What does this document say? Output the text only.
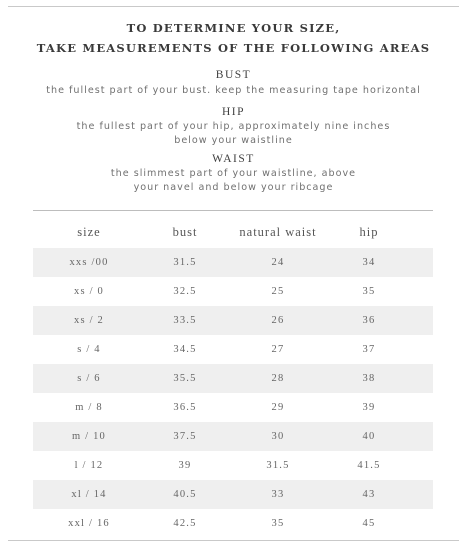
TO DETERMINE YOUR SIZE,
TAKE MEASUREMENTS OF THE FOLLOWING AREAS
BUST
the fullest part of your bust. keep the measuring tape horizontal
HIP
the fullest part of your hip, approximately nine inches
below your waistline
WAIST
the slimmest part of your waistline, above
your navel and below your ribcage
size	bust	natural waist	hip
xxs /00	31.5	24	34
xs / 0	32.5	25	35
xs / 2	33.5	26	36
s / 4	34.5	27	37
s / 6	35.5	28	38
m / 8	36.5	29	39
m / 10	37.5	30	40
l / 12	39	31.5	41.5
xl / 14	40.5	33	43
xxl / 16	42.5	35	45
